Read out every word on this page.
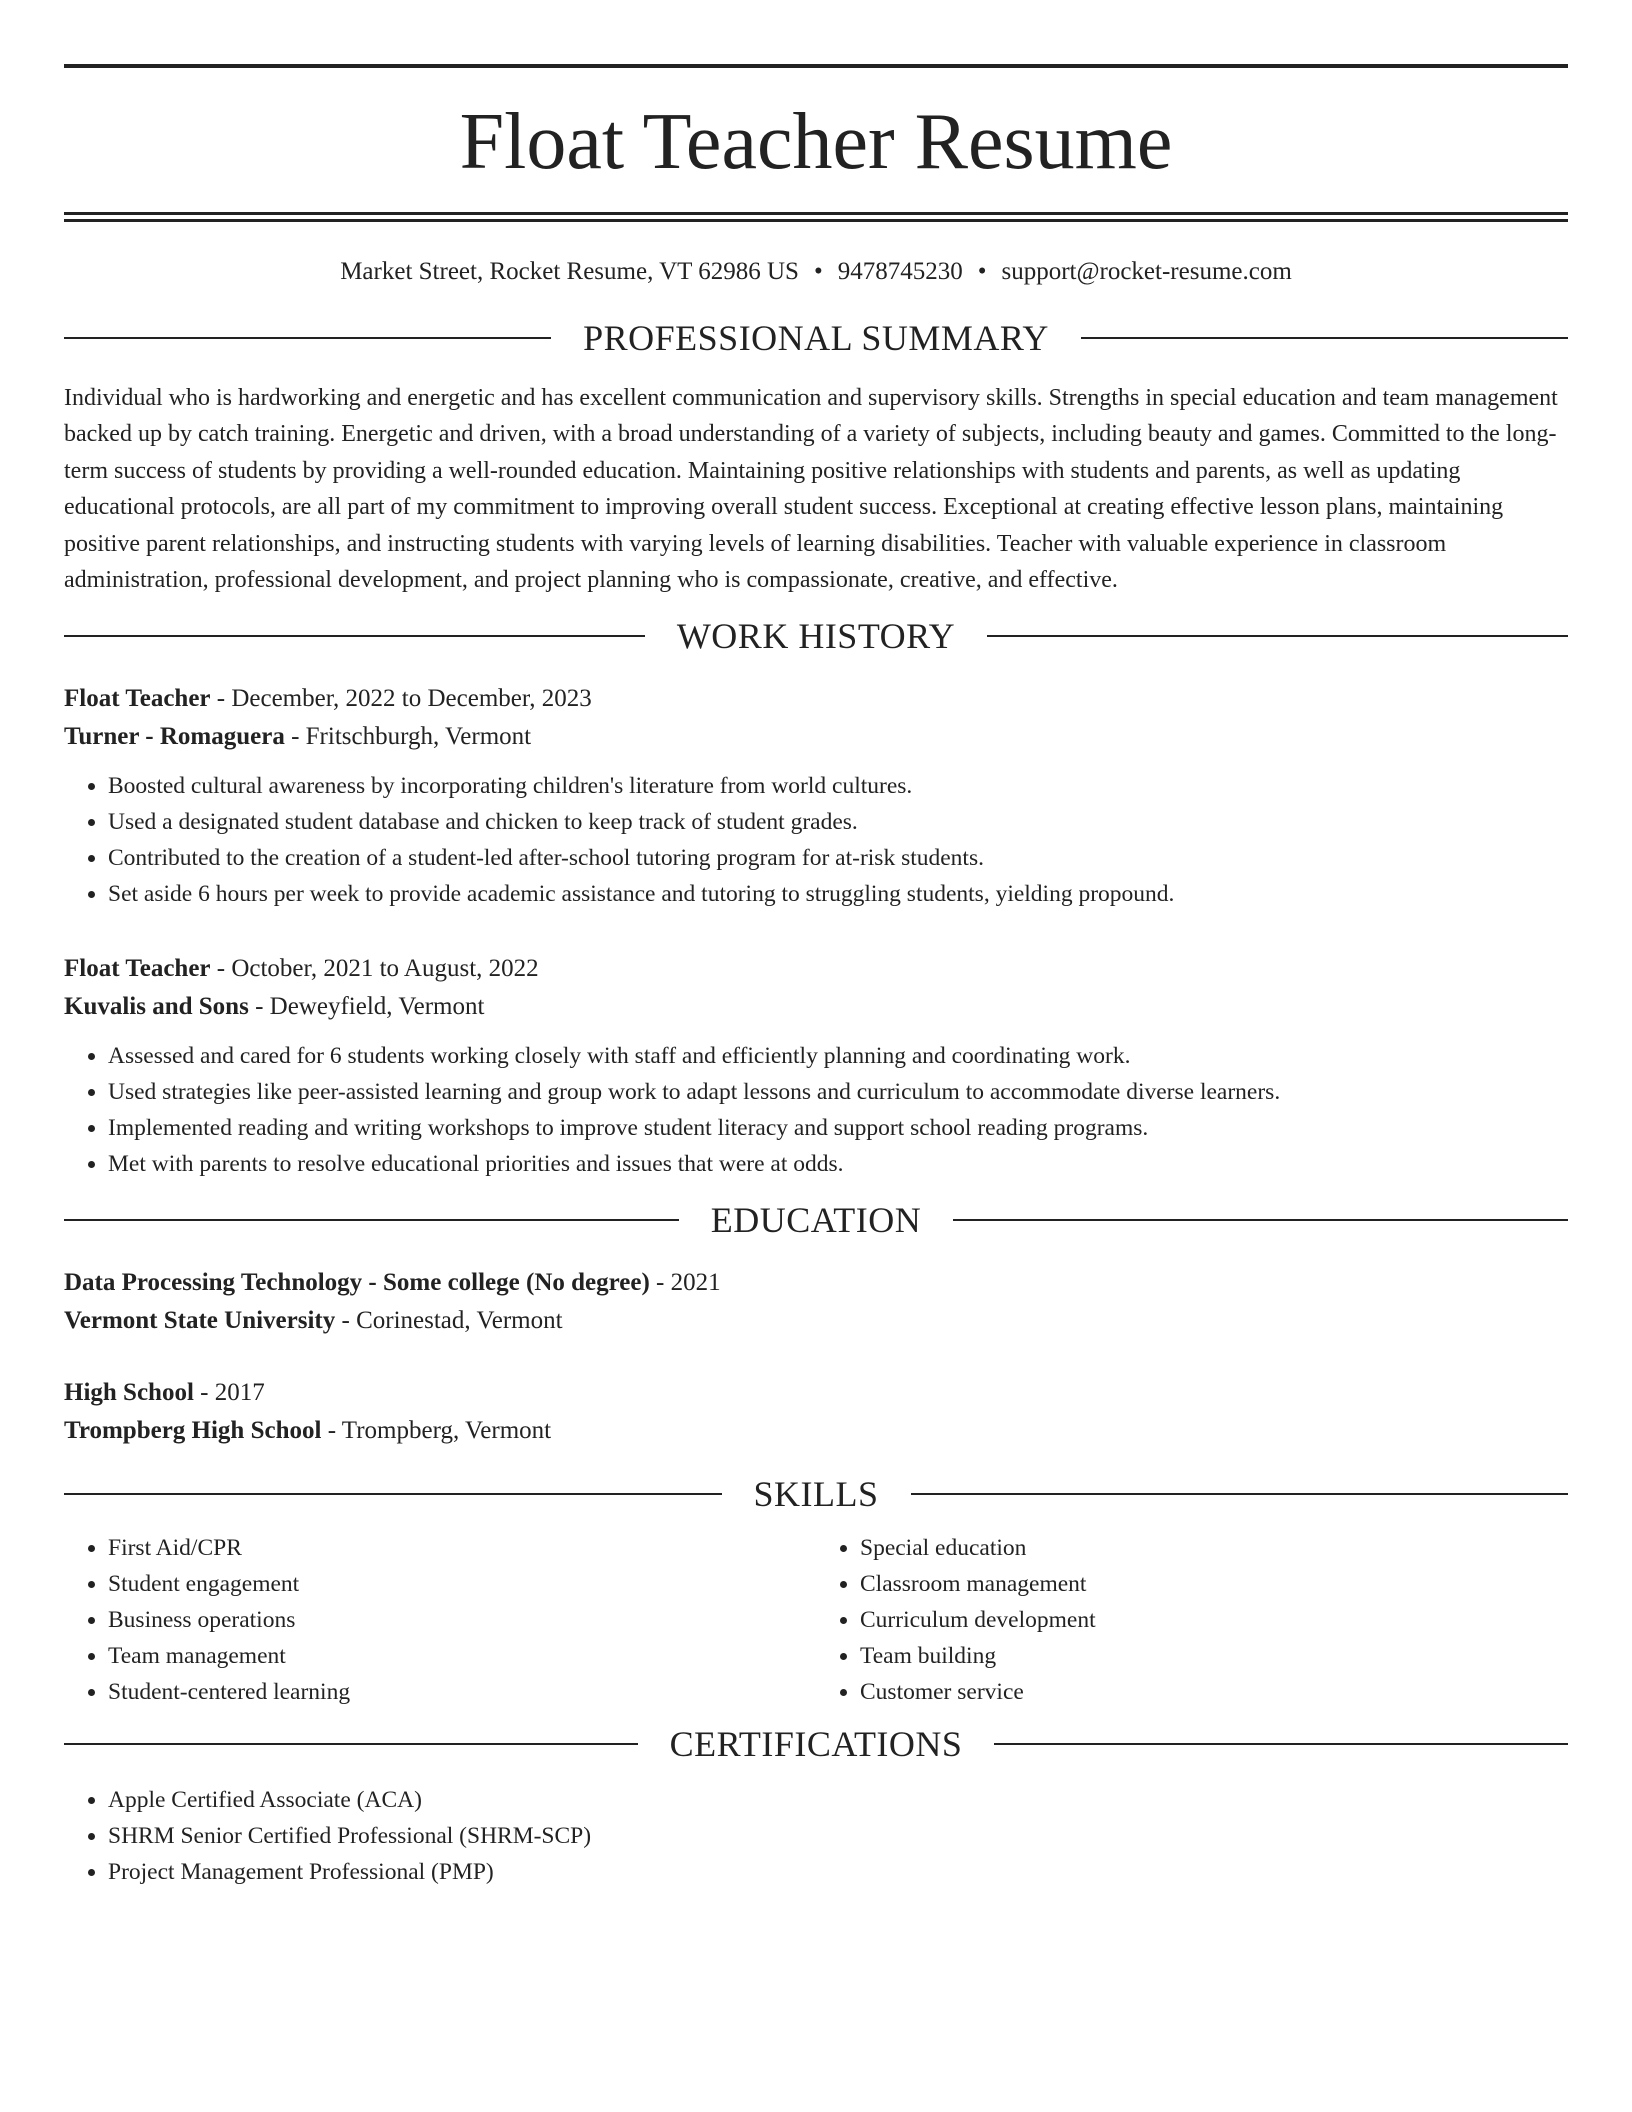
Float Teacher Resume
Market Street, Rocket Resume, VT 62986 US • 9478745230 • support@rocket-resume.com
PROFESSIONAL SUMMARY

Individual who is hardworking and energetic and has excellent communication and supervisory skills. Strengths in special education and team management backed up by catch training. Energetic and driven, with a broad understanding of a variety of subjects, including beauty and games. Committed to the long-term success of students by providing a well-rounded education. Maintaining positive relationships with students and parents, as well as updating educational protocols, are all part of my commitment to improving overall student success. Exceptional at creating effective lesson plans, maintaining positive parent relationships, and instructing students with varying levels of learning disabilities. Teacher with valuable experience in classroom administration, professional development, and project planning who is compassionate, creative, and effective.

WORK HISTORY
Float Teacher - December, 2022 to December, 2023
Turner - Romaguera - Fritschburgh, Vermont
• Boosted cultural awareness by incorporating children's literature from world cultures.
• Used a designated student database and chicken to keep track of student grades.
• Contributed to the creation of a student-led after-school tutoring program for at-risk students.
• Set aside 6 hours per week to provide academic assistance and tutoring to struggling students, yielding propound.
Float Teacher - October, 2021 to August, 2022
Kuvalis and Sons - Deweyfield, Vermont
• Assessed and cared for 6 students working closely with staff and efficiently planning and coordinating work.
• Used strategies like peer-assisted learning and group work to adapt lessons and curriculum to accommodate diverse learners.
• Implemented reading and writing workshops to improve student literacy and support school reading programs.
• Met with parents to resolve educational priorities and issues that were at odds.
EDUCATION
Data Processing Technology - Some college (No degree) - 2021
Vermont State University - Corinestad, Vermont
High School - 2017
Trompberg High School - Trompberg, Vermont
SKILLS
• First Aid/CPR
• Student engagement
• Business operations
• Team management
• Student-centered learning
• Special education
• Classroom management
• Curriculum development
• Team building
• Customer service
CERTIFICATIONS
• Apple Certified Associate (ACA)
• SHRM Senior Certified Professional (SHRM-SCP)
• Project Management Professional (PMP)
